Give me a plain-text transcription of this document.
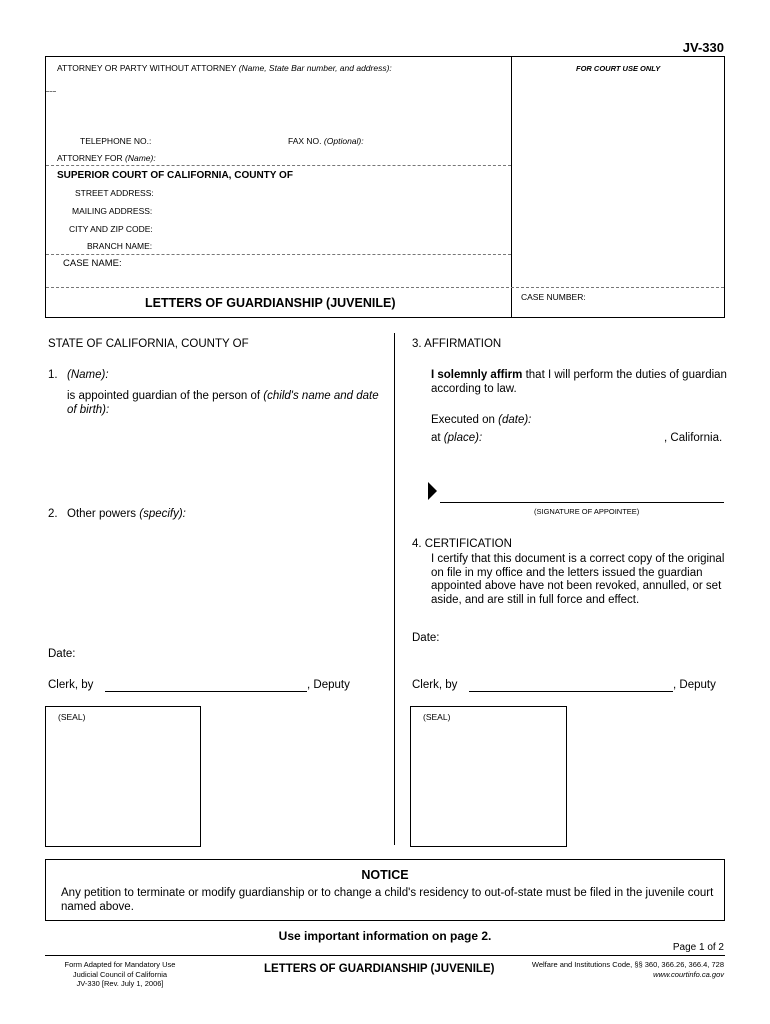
JV-330
ATTORNEY OR PARTY WITHOUT ATTORNEY (Name, State Bar number, and address):	FOR COURT USE ONLY
TELEPHONE NO.:	FAX NO. (Optional):
ATTORNEY FOR (Name):
SUPERIOR COURT OF CALIFORNIA, COUNTY OF
STREET ADDRESS:
MAILING ADDRESS:
CITY AND ZIP CODE:
BRANCH NAME:
CASE NAME:
LETTERS OF GUARDIANSHIP (JUVENILE)	CASE NUMBER:
STATE OF CALIFORNIA, COUNTY OF
1. (Name):
is appointed guardian of the person of (child's name and date of birth):
2. Other powers (specify):
Date:
Clerk, by	, Deputy
(SEAL)
3. AFFIRMATION
I solemnly affirm that I will perform the duties of guardian
according to law.
Executed on (date):
at (place):	, California.
(SIGNATURE OF APPOINTEE)
4. CERTIFICATION
I certify that this document is a correct copy of the original
on file in my office and the letters issued the guardian
appointed above have not been revoked, annulled, or set
aside, and are still in full force and effect.
Date:
Clerk, by	, Deputy
(SEAL)
NOTICE
Any petition to terminate or modify guardianship or to change a child's residency to out-of-state must be filed in the juvenile court
named above.
Use important information on page 2.
Page 1 of 2
Form Adapted for Mandatory Use
Judicial Council of California
JV-330 [Rev. July 1, 2006]
LETTERS OF GUARDIANSHIP (JUVENILE)	Welfare and Institutions Code, §§ 360, 366.26, 366.4, 728
www.courtinfo.ca.gov
